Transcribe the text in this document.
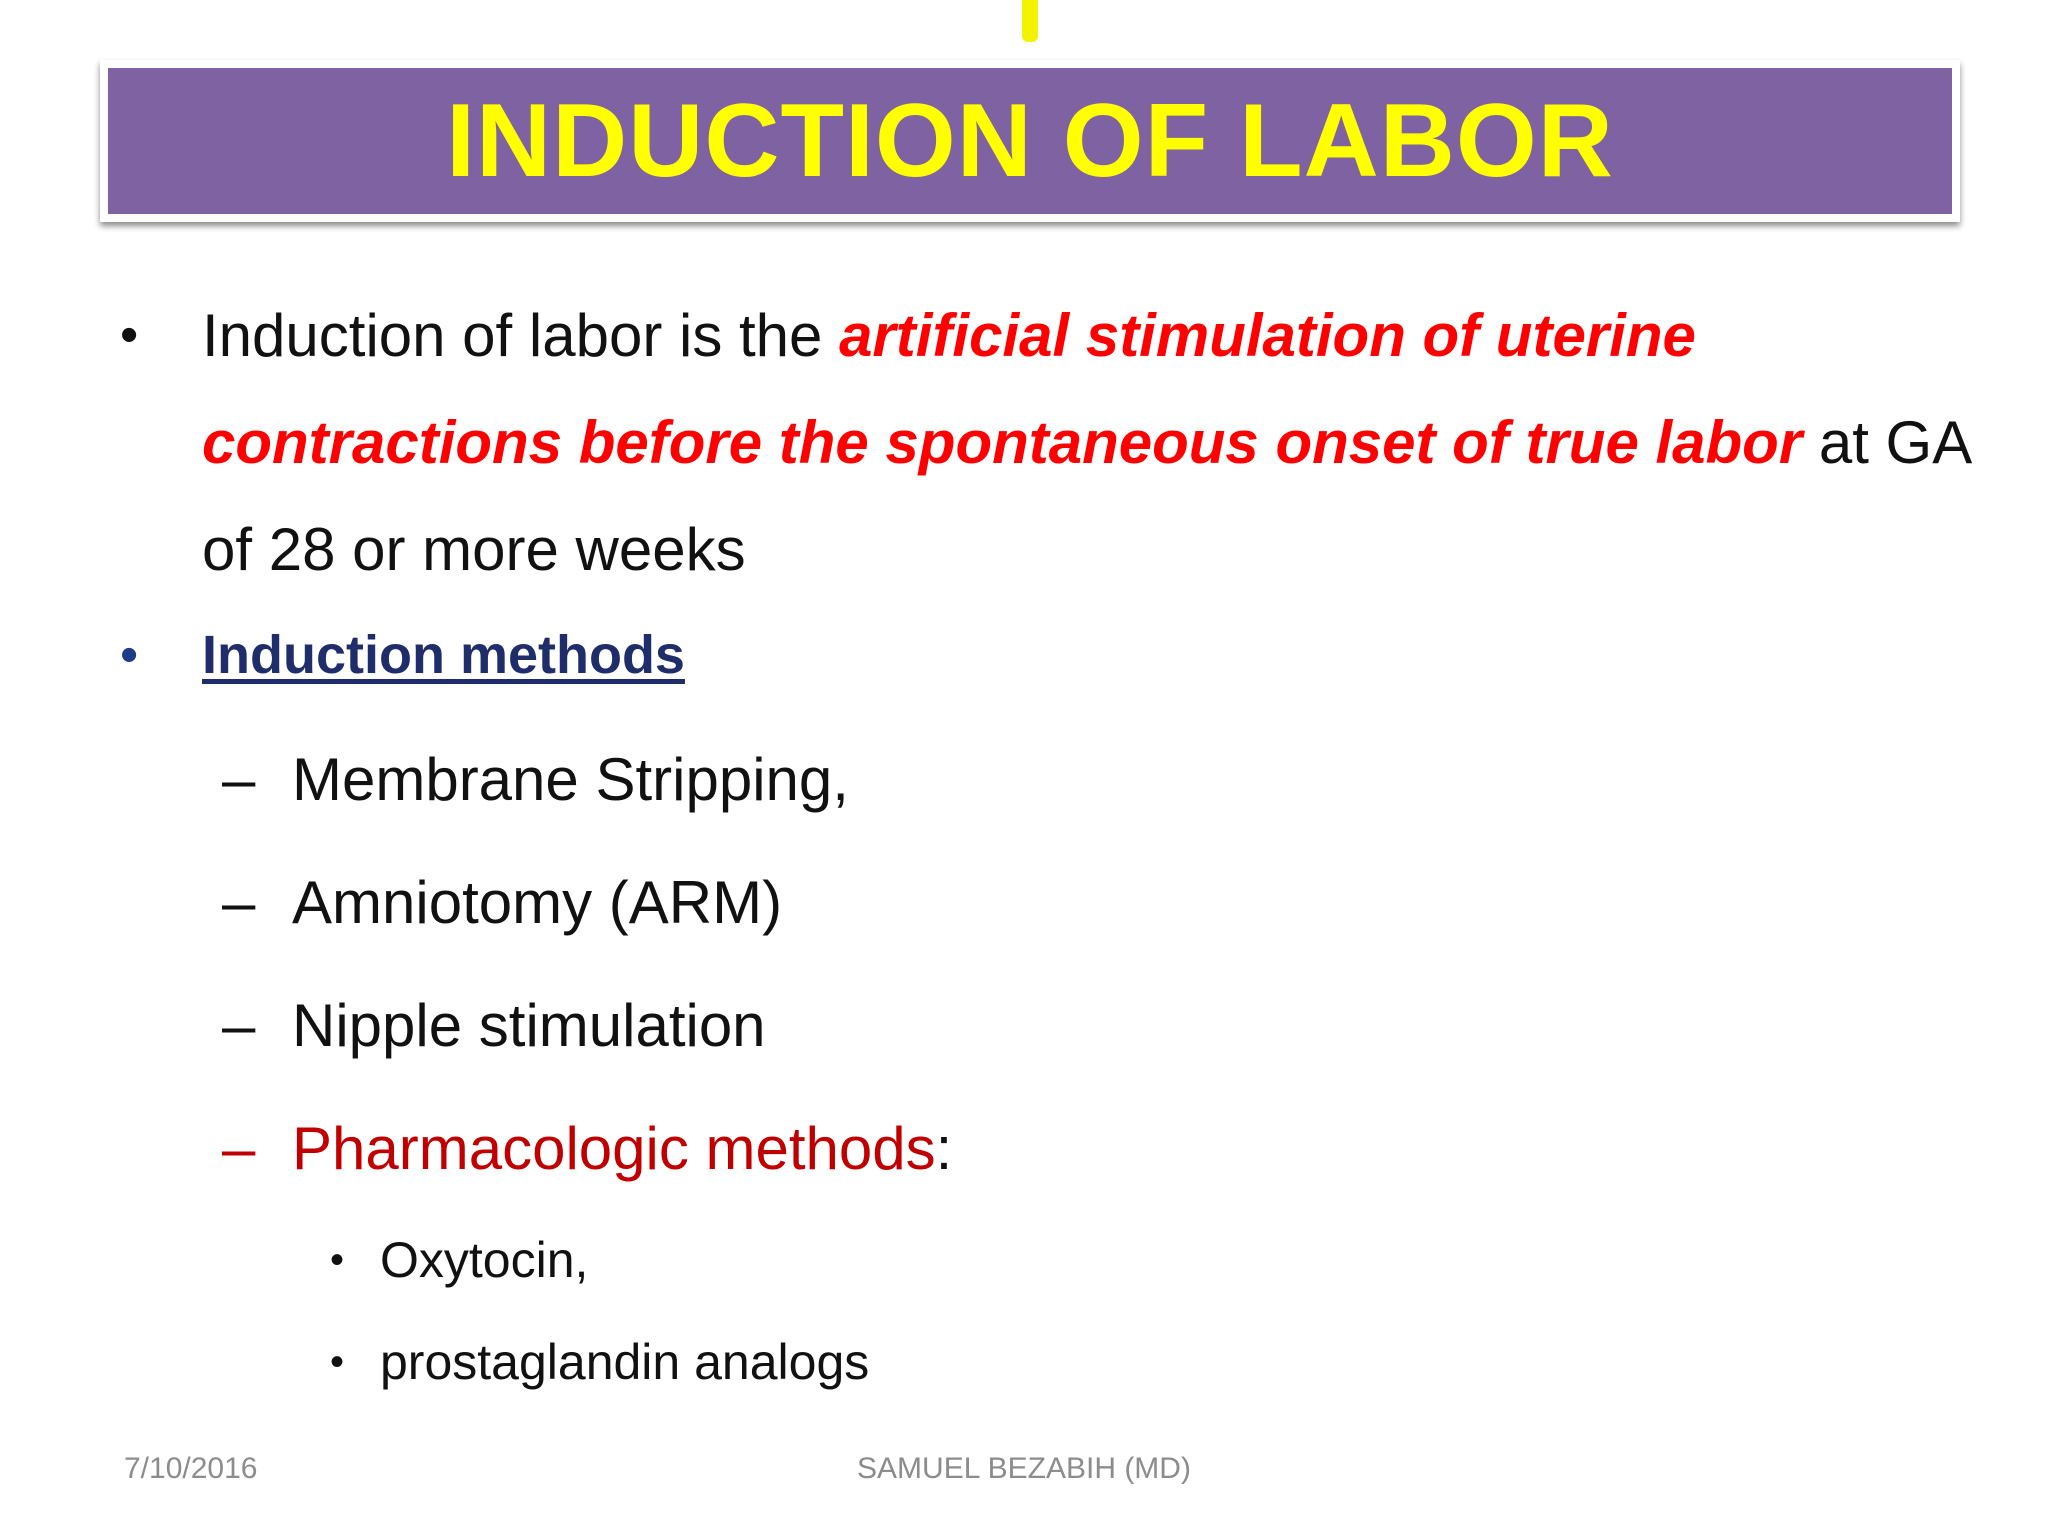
INDUCTION OF LABOR
•	Induction of labor is the artificial stimulation of uterine contractions before the spontaneous onset of true labor at GA of 28 or more weeks
•	Induction methods
– Membrane Stripping,
– Amniotomy (ARM)
– Nipple stimulation
– Pharmacologic methods :
• Oxytocin,
• prostaglandin analogs
7/10/2016	SAMUEL BEZABIH (MD)
